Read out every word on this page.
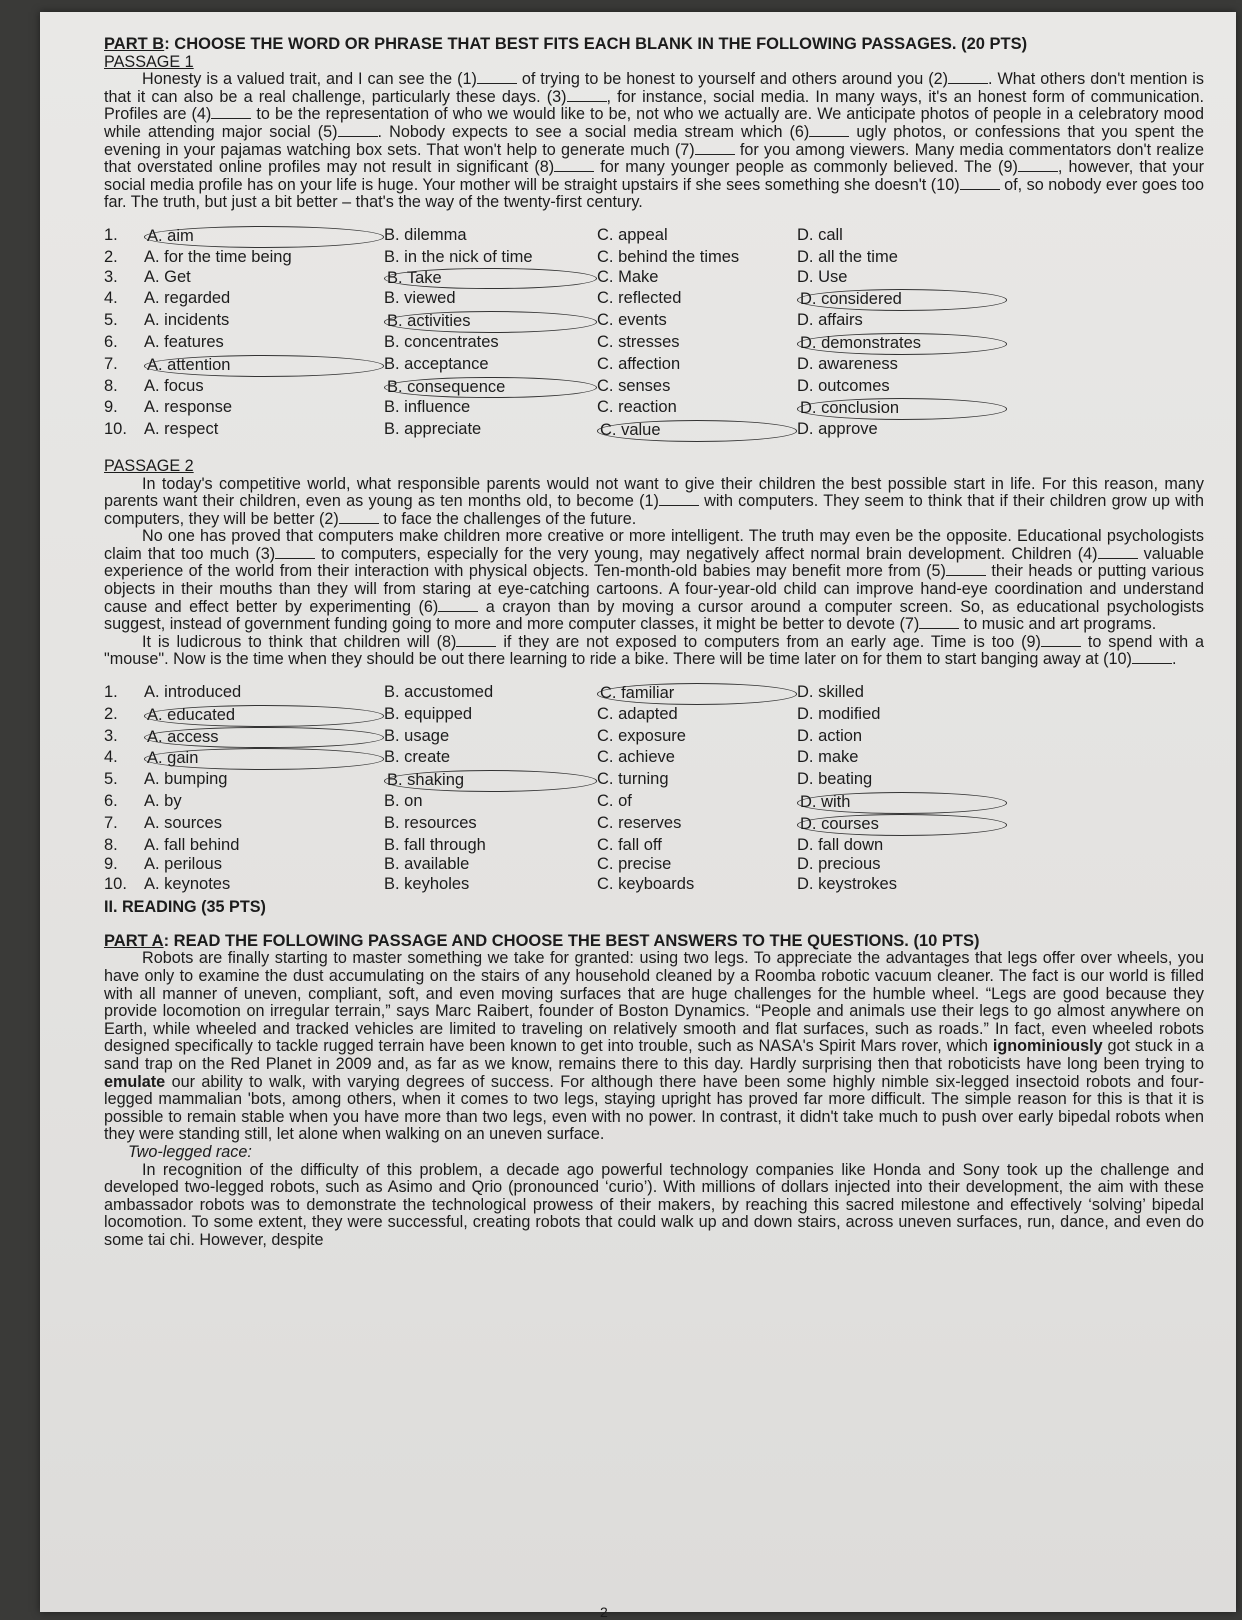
PART B: CHOOSE THE WORD OR PHRASE THAT BEST FITS EACH BLANK IN THE FOLLOWING PASSAGES. (20 PTS)

PASSAGE 1

Honesty is a valued trait, and I can see the (1) of trying to be honest to yourself and others around you (2) . What others don't mention is that it can also be a real challenge, particularly these days. (3) , for instance, social media. In many ways, it's an honest form of communication. Profiles are (4) to be the representation of who we would like to be, not who we actually are. We anticipate photos of people in a celebratory mood while attending major social (5) . Nobody expects to see a social media stream which (6) ugly photos, or confessions that you spent the evening in your pajamas watching box sets. That won't help to generate much (7) for you among viewers. Many media commentators don't realize that overstated online profiles may not result in significant (8) for many younger people as commonly believed. The (9) , however, that your social media profile has on your life is huge. Your mother will be straight upstairs if she sees something she doesn't (10) of, so nobody ever goes too far. The truth, but just a bit better – that's the way of the twenty-first century.

1.	A. aim	B. dilemma	C. appeal	D. call
2.	A. for the time being	B. in the nick of time	C. behind the times	D. all the time
3.	A. Get	B. Take	C. Make	D. Use
4.	A. regarded	B. viewed	C. reflected	D. considered
5.	A. incidents	B. activities	C. events	D. affairs
6.	A. features	B. concentrates	C. stresses	D. demonstrates
7.	A. attention	B. acceptance	C. affection	D. awareness
8.	A. focus	B. consequence	C. senses	D. outcomes
9.	A. response	B. influence	C. reaction	D. conclusion
10.	A. respect	B. appreciate	C. value	D. approve

PASSAGE 2

In today's competitive world, what responsible parents would not want to give their children the best possible start in life. For this reason, many parents want their children, even as young as ten months old, to become (1) with computers. They seem to think that if their children grow up with computers, they will be better (2) to face the challenges of the future.

No one has proved that computers make children more creative or more intelligent. The truth may even be the opposite. Educational psychologists claim that too much (3) to computers, especially for the very young, may negatively affect normal brain development. Children (4) valuable experience of the world from their interaction with physical objects. Ten-month-old babies may benefit more from (5) their heads or putting various objects in their mouths than they will from staring at eye-catching cartoons. A four-year-old child can improve hand-eye coordination and understand cause and effect better by experimenting (6) a crayon than by moving a cursor around a computer screen. So, as educational psychologists suggest, instead of government funding going to more and more computer classes, it might be better to devote (7) to music and art programs.

It is ludicrous to think that children will (8) if they are not exposed to computers from an early age. Time is too (9) to spend with a "mouse". Now is the time when they should be out there learning to ride a bike. There will be time later on for them to start banging away at (10) .

1.	A. introduced	B. accustomed	C. familiar	D. skilled
2.	A. educated	B. equipped	C. adapted	D. modified
3.	A. access	B. usage	C. exposure	D. action
4.	A. gain	B. create	C. achieve	D. make
5.	A. bumping	B. shaking	C. turning	D. beating
6.	A. by	B. on	C. of	D. with
7.	A. sources	B. resources	C. reserves	D. courses
8.	A. fall behind	B. fall through	C. fall off	D. fall down
9.	A. perilous	B. available	C. precise	D. precious
10.	A. keynotes	B. keyholes	C. keyboards	D. keystrokes

II. READING (35 PTS)

PART A: READ THE FOLLOWING PASSAGE AND CHOOSE THE BEST ANSWERS TO THE QUESTIONS. (10 PTS)

Robots are finally starting to master something we take for granted: using two legs. To appreciate the advantages that legs offer over wheels, you have only to examine the dust accumulating on the stairs of any household cleaned by a Roomba robotic vacuum cleaner. The fact is our world is filled with all manner of uneven, compliant, soft, and even moving surfaces that are huge challenges for the humble wheel. “Legs are good because they provide locomotion on irregular terrain,” says Marc Raibert, founder of Boston Dynamics. “People and animals use their legs to go almost anywhere on Earth, while wheeled and tracked vehicles are limited to traveling on relatively smooth and flat surfaces, such as roads.” In fact, even wheeled robots designed specifically to tackle rugged terrain have been known to get into trouble, such as NASA's Spirit Mars rover, which ignominiously got stuck in a sand trap on the Red Planet in 2009 and, as far as we know, remains there to this day. Hardly surprising then that roboticists have long been trying to emulate our ability to walk, with varying degrees of success. For although there have been some highly nimble six-legged insectoid robots and four-legged mammalian 'bots, among others, when it comes to two legs, staying upright has proved far more difficult. The simple reason for this is that it is possible to remain stable when you have more than two legs, even with no power. In contrast, it didn't take much to push over early bipedal robots when they were standing still, let alone when walking on an uneven surface.

Two-legged race:

In recognition of the difficulty of this problem, a decade ago powerful technology companies like Honda and Sony took up the challenge and developed two-legged robots, such as Asimo and Qrio (pronounced ‘curio’). With millions of dollars injected into their development, the aim with these ambassador robots was to demonstrate the technological prowess of their makers, by reaching this sacred milestone and effectively ‘solving’ bipedal locomotion. To some extent, they were successful, creating robots that could walk up and down stairs, across uneven surfaces, run, dance, and even do some tai chi. However, despite

2
